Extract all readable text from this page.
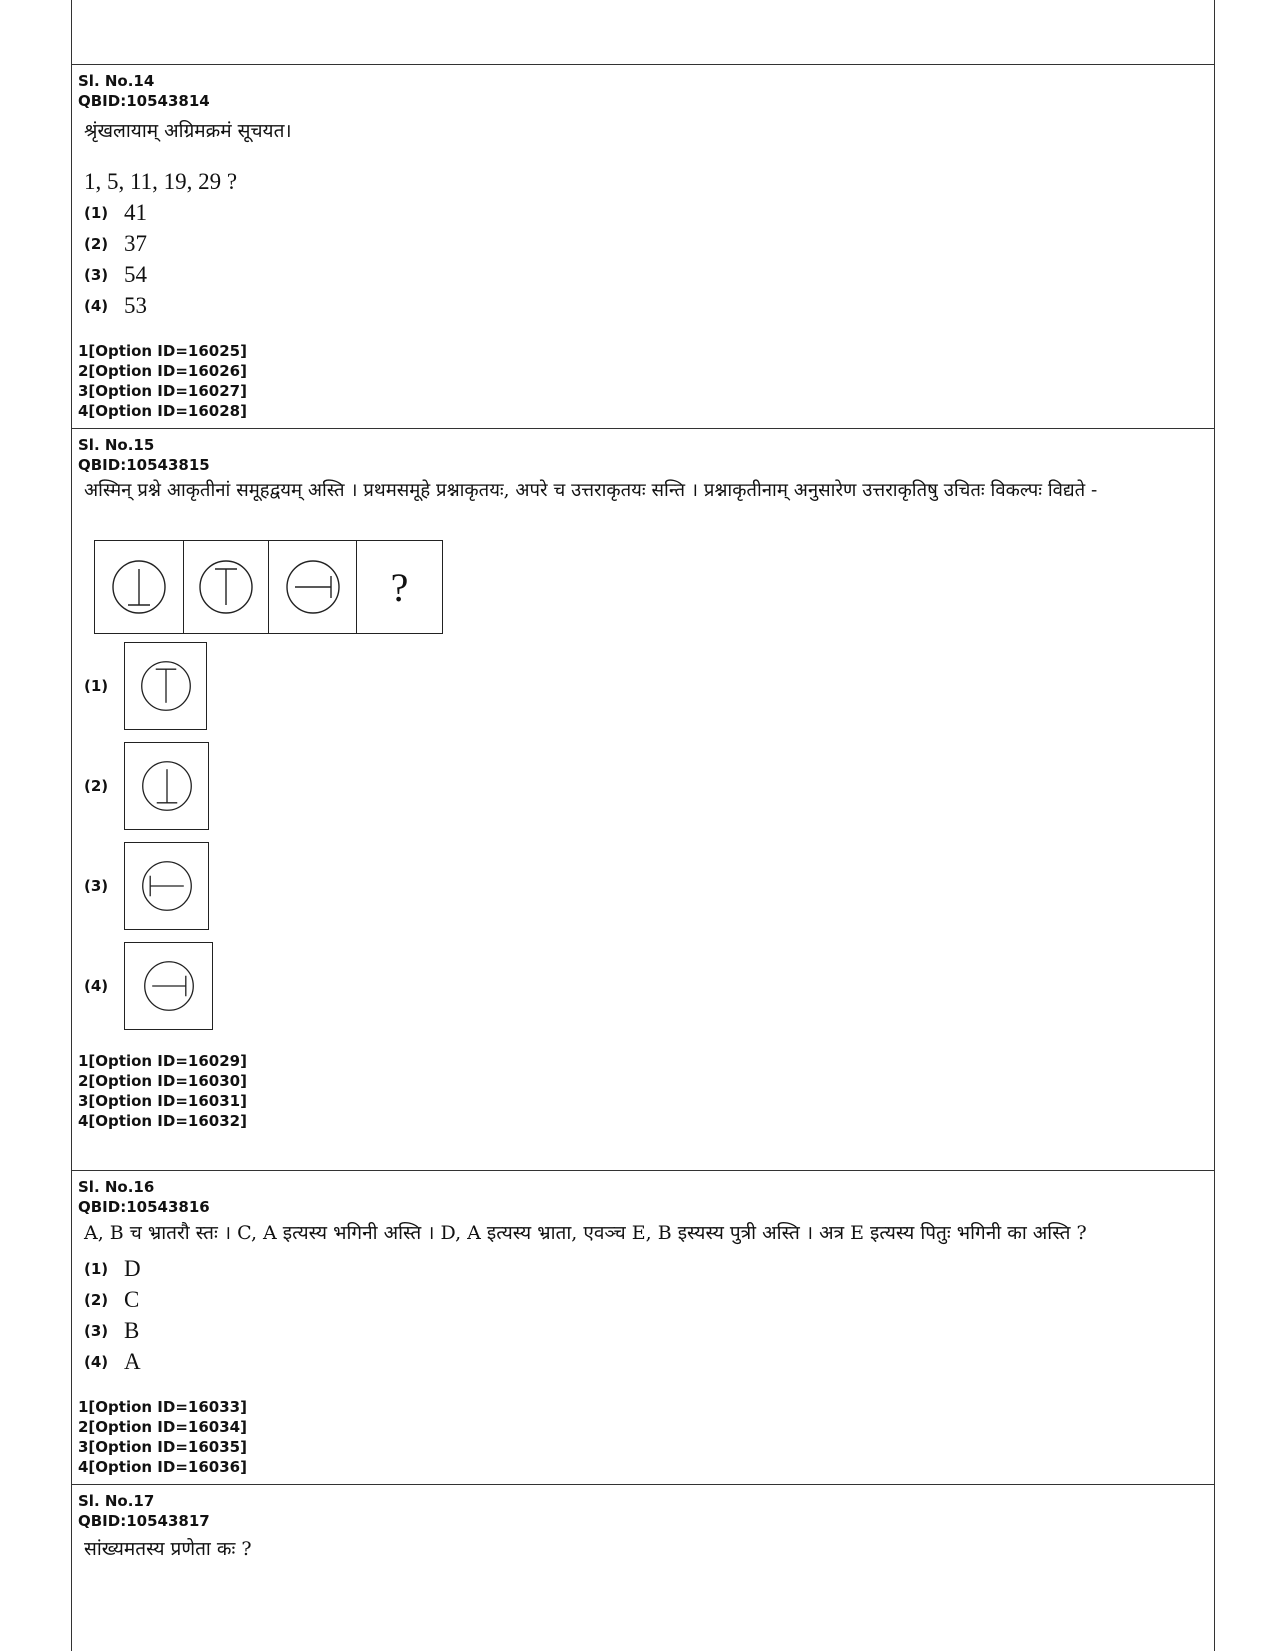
Sl. No.14
QBID:10543814
श्रृंखलायाम् अग्रिमक्रमं सूचयत।
1, 5, 11, 19, 29 ?
(1) 41
(2) 37
(3) 54
(4) 53
1[Option ID=16025]
2[Option ID=16026]
3[Option ID=16027]
4[Option ID=16028]
Sl. No.15
QBID:10543815
अस्मिन् प्रश्ने आकृतीनां समूहद्वयम् अस्ति । प्रथमसमूहे प्रश्नाकृतयः, अपरे च उत्तराकृतयः सन्ति । प्रश्नाकृतीनाम् अनुसारेण उत्तराकृतिषु उचितः विकल्पः विद्यते -
?
(1)
(2)
(3)
(4)
1[Option ID=16029]
2[Option ID=16030]
3[Option ID=16031]
4[Option ID=16032]
Sl. No.16
QBID:10543816
A, B च भ्रातरौ स्तः । C, A इत्यस्य भगिनी अस्ति । D, A इत्यस्य भ्राता, एवञ्च E, B इस्यस्य पुत्री अस्ति । अत्र E इत्यस्य पितुः भगिनी का अस्ति ?
(1) D
(2) C
(3) B
(4) A
1[Option ID=16033]
2[Option ID=16034]
3[Option ID=16035]
4[Option ID=16036]
Sl. No.17
QBID:10543817
सांख्यमतस्य प्रणेता कः ?
